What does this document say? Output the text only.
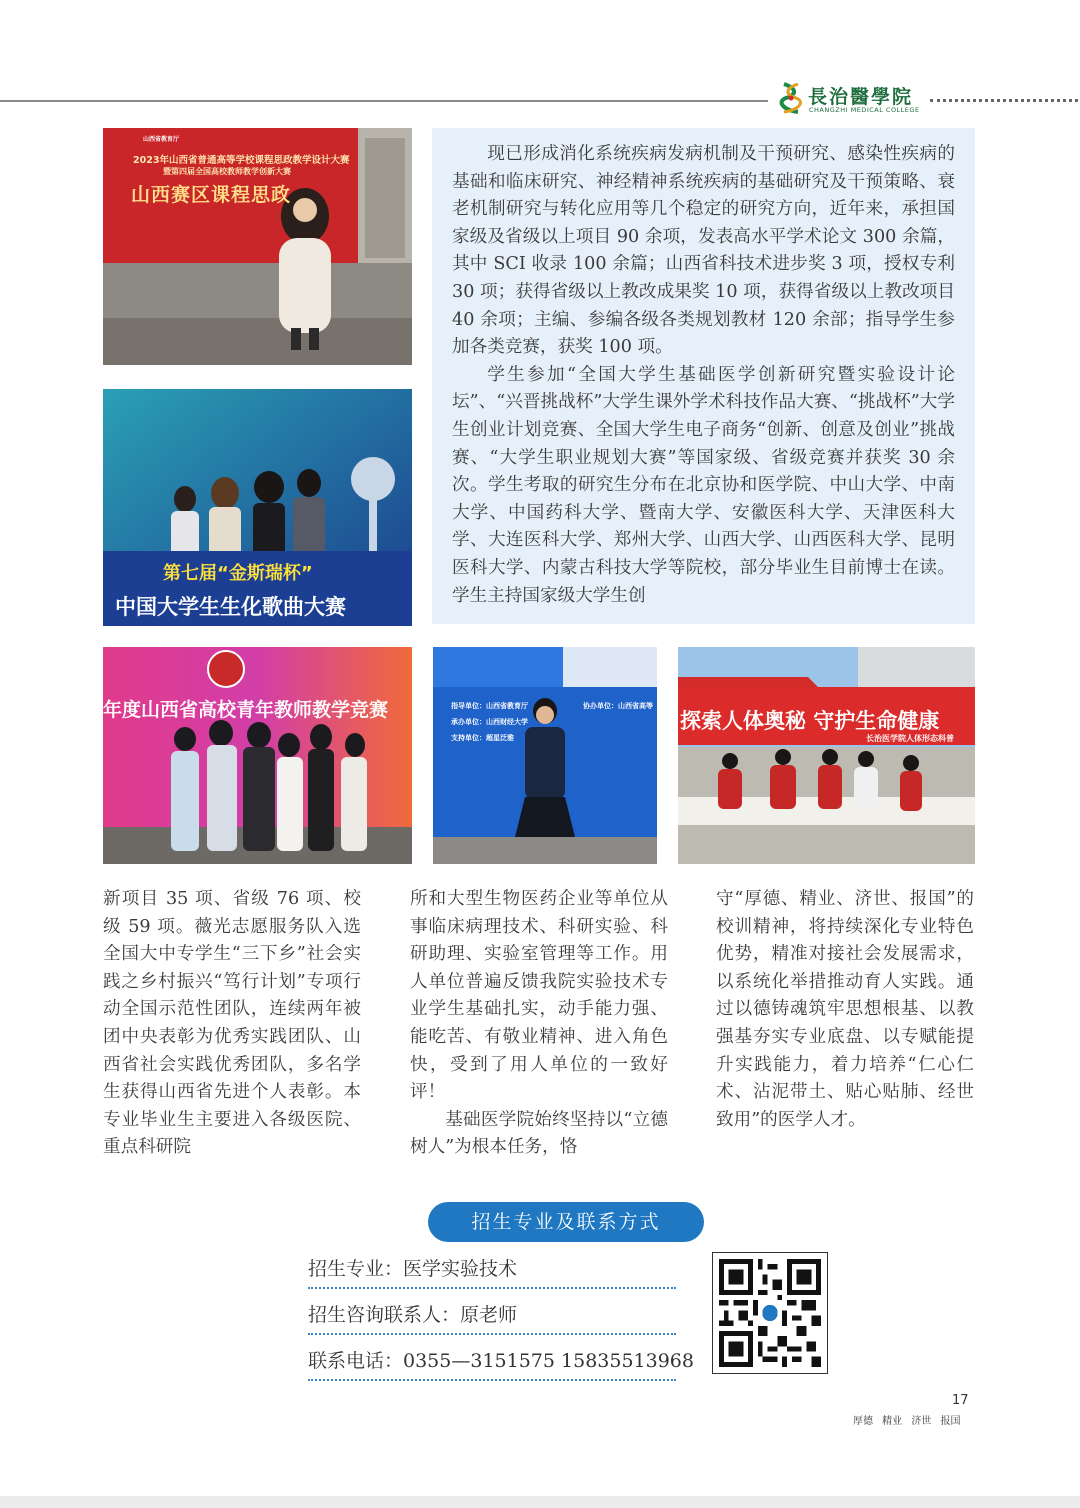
長治醫學院
CHANGZHI MEDICAL COLLEGE
山西省教育厅
2023年山西省普通高等学校课程思政教学设计大赛
暨第四届全国高校教师教学创新大赛
山西赛区课程思政
第七届“金斯瑞杯”
中国大学生生化歌曲大赛

现已形成消化系统疾病发病机制及干预研究、感染性疾病的基础和临床研究、神经精神系统疾病的基础研究及干预策略、衰老机制研究与转化应用等几个稳定的研究方向，近年来，承担国家级及省级以上项目 90 余项，发表高水平学术论文 300 余篇，其中 SCI 收录 100 余篇；山西省科技术进步奖 3 项，授权专利 30 项；获得省级以上教改成果奖 10 项，获得省级以上教改项目 40 余项；主编、参编各级各类规划教材 120 余部；指导学生参加各类竞赛，获奖 100 项。

学生参加“全国大学生基础医学创新研究暨实验设计论坛”、“兴晋挑战杯”大学生课外学术科技作品大赛、“挑战杯”大学生创业计划竞赛、全国大学生电子商务“创新、创意及创业”挑战赛、“大学生职业规划大赛”等国家级、省级竞赛并获奖 30 余次。学生考取的研究生分布在北京协和医学院、中山大学、中南大学、中国药科大学、暨南大学、安徽医科大学、天津医科大学、大连医科大学、郑州大学、山西大学、山西医科大学、昆明医科大学、内蒙古科技大学等院校，部分毕业生目前博士在读。学生主持国家级大学生创

年度山西省高校青年教师教学竞赛	指导单位：山西省教育厅
承办单位：山西财经大学
支持单位：超星泛雅
协办单位：山西省高等
探索人体奥秘 守护生命健康
长治医学院人体形态科普

新项目 35 项、省级 76 项、校级 59 项。薇光志愿服务队入选全国大中专学生“三下乡”社会实践之乡村振兴“笃行计划”专项行动全国示范性团队，连续两年被团中央表彰为优秀实践团队、山西省社会实践优秀团队，多名学生获得山西省先进个人表彰。本专业毕业生主要进入各级医院、重点科研院

所和大型生物医药企业等单位从事临床病理技术、科研实验、科研助理、实验室管理等工作。用人单位普遍反馈我院实验技术专业学生基础扎实，动手能力强、能吃苦、有敬业精神、进入角色快，受到了用人单位的一致好评！

基础医学院始终坚持以“立德树人”为根本任务，恪

守“厚德、精业、济世、报国”的校训精神，将持续深化专业特色优势，精准对接社会发展需求，以系统化举措推动育人实践。通过以德铸魂筑牢思想根基、以教强基夯实专业底盘、以专赋能提升实践能力，着力培养“仁心仁术、沾泥带土、贴心贴肺、经世致用”的医学人才。

招生专业及联系方式
招生专业：医学实验技术
招生咨询联系人：原老师
联系电话：0355—3151575 15835513968
17
厚德 精业 济世 报国
